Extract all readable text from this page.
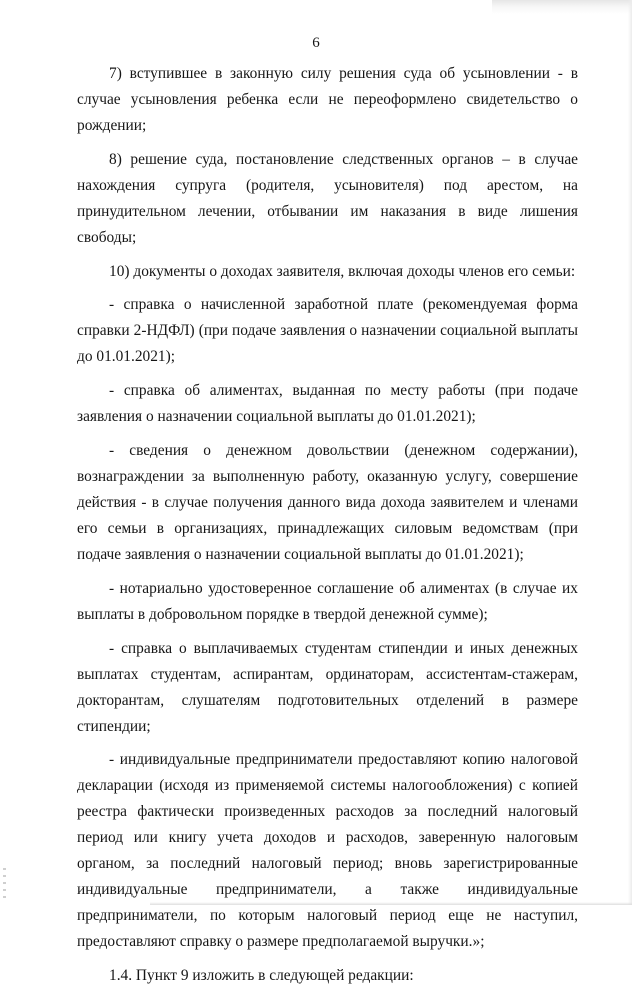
6

7) вступившее в законную силу решения суда об усыновлении - в случае усыновления ребенка если не переоформлено свидетельство о рождении;

8) решение суда, постановление следственных органов – в случае нахождения супруга (родителя, усыновителя) под арестом, на принудительном лечении, отбывании им наказания в виде лишения свободы;

10) документы о доходах заявителя, включая доходы членов его семьи:

- справка о начисленной заработной плате (рекомендуемая форма справки 2-НДФЛ) (при подаче заявления о назначении социальной выплаты до 01.01.2021);

- справка об алиментах, выданная по месту работы (при подаче заявления о назначении социальной выплаты до 01.01.2021);

- сведения о денежном довольствии (денежном содержании), вознаграждении за выполненную работу, оказанную услугу, совершение действия - в случае получения данного вида дохода заявителем и членами его семьи в организациях, принадлежащих силовым ведомствам (при подаче заявления о назначении социальной выплаты до 01.01.2021);

- нотариально удостоверенное соглашение об алиментах (в случае их выплаты в добровольном порядке в твердой денежной сумме);

- справка о выплачиваемых студентам стипендии и иных денежных выплатах студентам, аспирантам, ординаторам, ассистентам-стажерам, докторантам, слушателям подготовительных отделений в размере стипендии;

- индивидуальные предприниматели предоставляют копию налоговой декларации (исходя из применяемой системы налогообложения) с копией реестра фактически произведенных расходов за последний налоговый период или книгу учета доходов и расходов, заверенную налоговым органом, за последний налоговый период; вновь зарегистрированные индивидуальные предприниматели, а также индивидуальные предприниматели, по которым налоговый период еще не наступил, предоставляют справку о размере предполагаемой выручки.»;

1.4. Пункт 9 изложить в следующей редакции:
